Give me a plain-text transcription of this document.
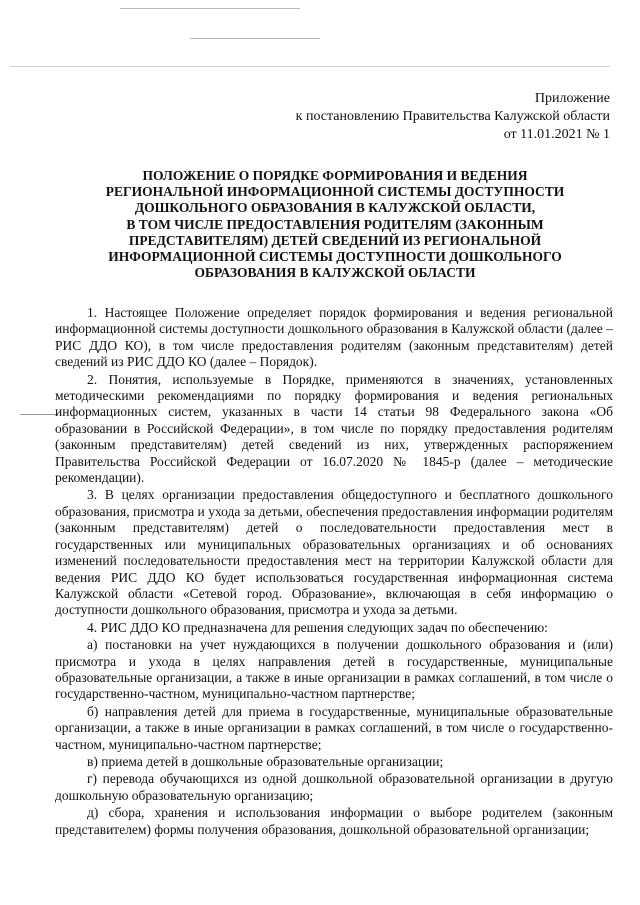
Приложение
к постановлению Правительства Калужской области
от 11.01.2021 № 1
ПОЛОЖЕНИЕ О ПОРЯДКЕ ФОРМИРОВАНИЯ И ВЕДЕНИЯ
РЕГИОНАЛЬНОЙ ИНФОРМАЦИОННОЙ СИСТЕМЫ ДОСТУПНОСТИ
ДОШКОЛЬНОГО ОБРАЗОВАНИЯ В КАЛУЖСКОЙ ОБЛАСТИ,
В ТОМ ЧИСЛЕ ПРЕДОСТАВЛЕНИЯ РОДИТЕЛЯМ (ЗАКОННЫМ
ПРЕДСТАВИТЕЛЯМ) ДЕТЕЙ СВЕДЕНИЙ ИЗ РЕГИОНАЛЬНОЙ
ИНФОРМАЦИОННОЙ СИСТЕМЫ ДОСТУПНОСТИ ДОШКОЛЬНОГО
ОБРАЗОВАНИЯ В КАЛУЖСКОЙ ОБЛАСТИ

1. Настоящее Положение определяет порядок формирования и ведения региональной информационной системы доступности дошкольного образования в Калужской области (далее – РИС ДДО КО), в том числе предоставления родителям (законным представителям) детей сведений из РИС ДДО КО (далее – Порядок).

2. Понятия, используемые в Порядке, применяются в значениях, установленных методическими рекомендациями по порядку формирования и ведения региональных информационных систем, указанных в части 14 статьи 98 Федерального закона «Об образовании в Российской Федерации», в том числе по порядку предоставления родителям (законным представителям) детей сведений из них, утвержденных распоряжением Правительства Российской Федерации от 16.07.2020 № 1845-р (далее – методические рекомендации).

3. В целях организации предоставления общедоступного и бесплатного дошкольного образования, присмотра и ухода за детьми, обеспечения предоставления информации родителям (законным представителям) детей о последовательности предоставления мест в государственных или муниципальных образовательных организациях и об основаниях изменений последовательности предоставления мест на территории Калужской области для ведения РИС ДДО КО будет использоваться государственная информационная система Калужской области «Сетевой город. Образование», включающая в себя информацию о доступности дошкольного образования, присмотра и ухода за детьми.

4. РИС ДДО КО предназначена для решения следующих задач по обеспечению:

а) постановки на учет нуждающихся в получении дошкольного образования и (или) присмотра и ухода в целях направления детей в государственные, муниципальные образовательные организации, а также в иные организации в рамках соглашений, в том числе о государственно-частном, муниципально-частном партнерстве;

б) направления детей для приема в государственные, муниципальные образовательные организации, а также в иные организации в рамках соглашений, в том числе о государственно-частном, муниципально-частном партнерстве;

в) приема детей в дошкольные образовательные организации;

г) перевода обучающихся из одной дошкольной образовательной организации в другую дошкольную образовательную организацию;

д) сбора, хранения и использования информации о выборе родителем (законным представителем) формы получения образования, дошкольной образовательной организации;
